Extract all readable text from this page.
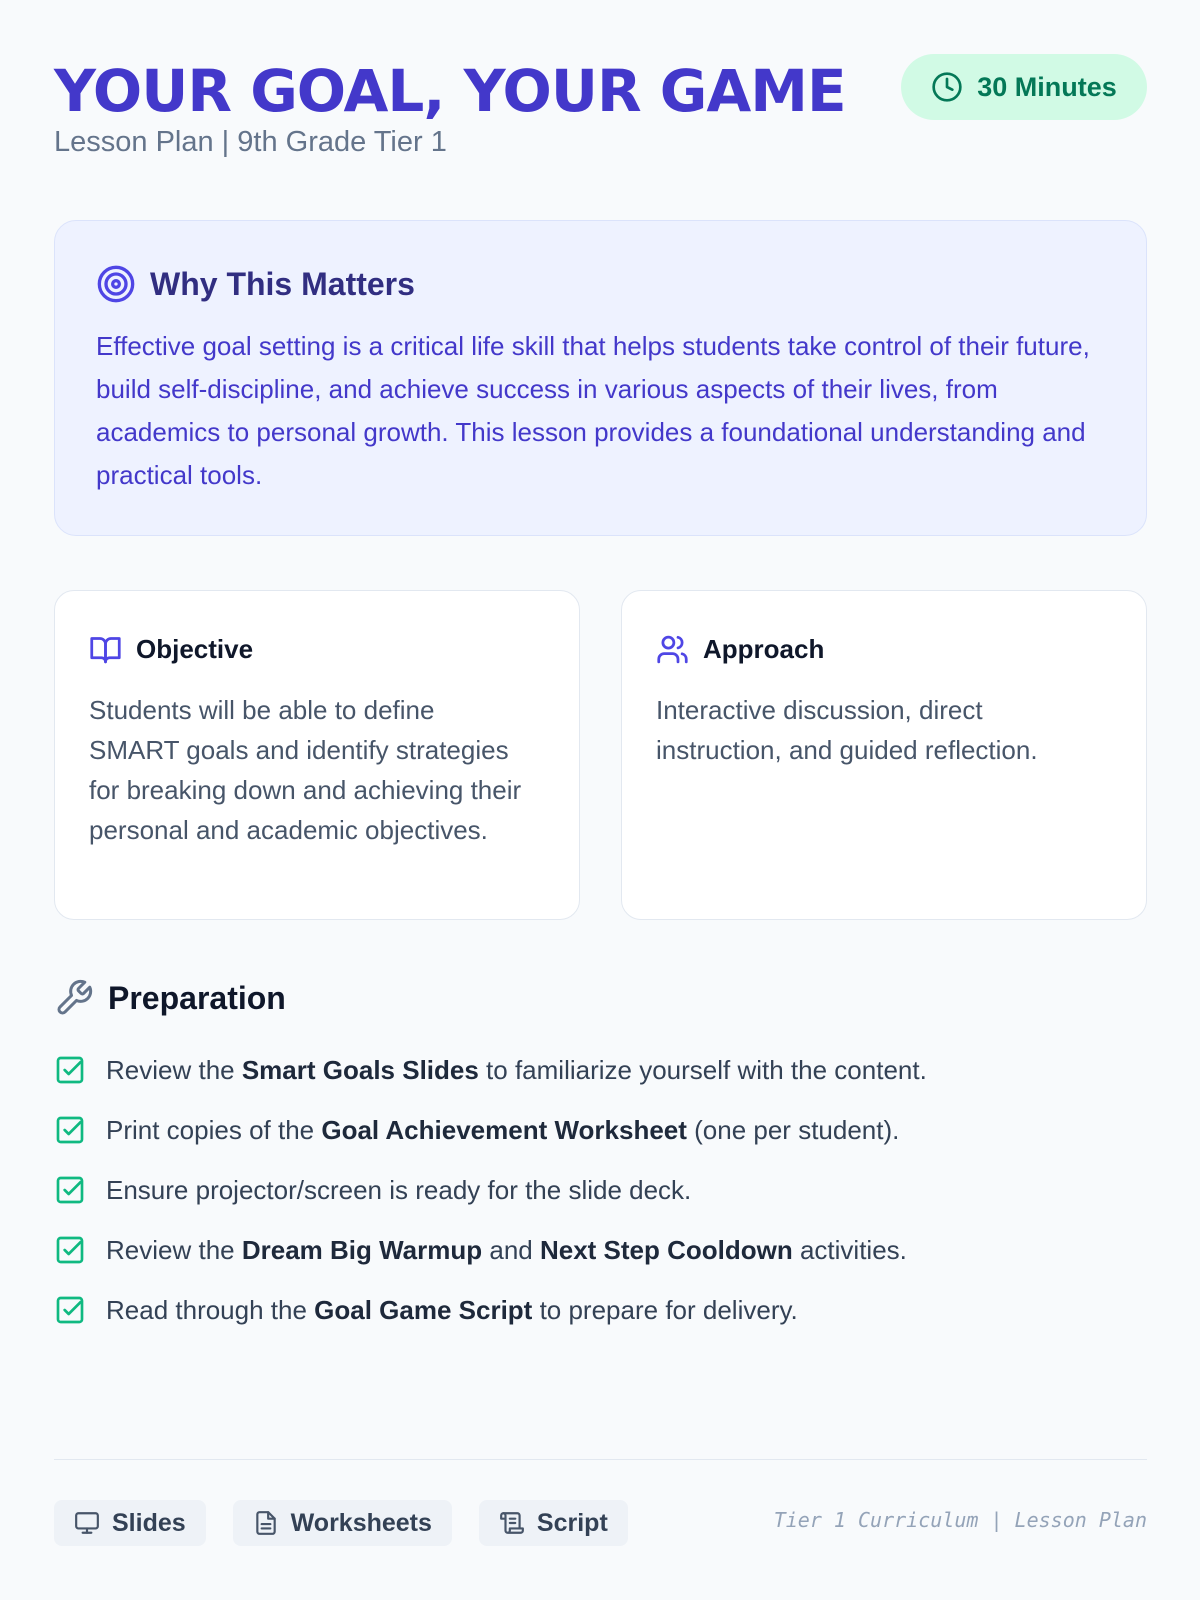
YOUR GOAL, YOUR GAME

Lesson Plan | 9th Grade Tier 1

30 Minutes
Why This Matters

Effective goal setting is a critical life skill that helps students take control of their future, build self-discipline, and achieve success in various aspects of their lives, from academics to personal growth. This lesson provides a foundational understanding and practical tools.

Objective

Students will be able to define SMART goals and identify strategies for breaking down and achieving their personal and academic objectives.

Approach

Interactive discussion, direct instruction, and guided reflection.

Preparation
Review the Smart Goals Slides to familiarize yourself with the content.
Print copies of the Goal Achievement Worksheet (one per student).
Ensure projector/screen is ready for the slide deck.
Review the Dream Big Warmup and Next Step Cooldown activities.
Read through the Goal Game Script to prepare for delivery.
Slides	Worksheets	Script	Tier 1 Curriculum | Lesson Plan
